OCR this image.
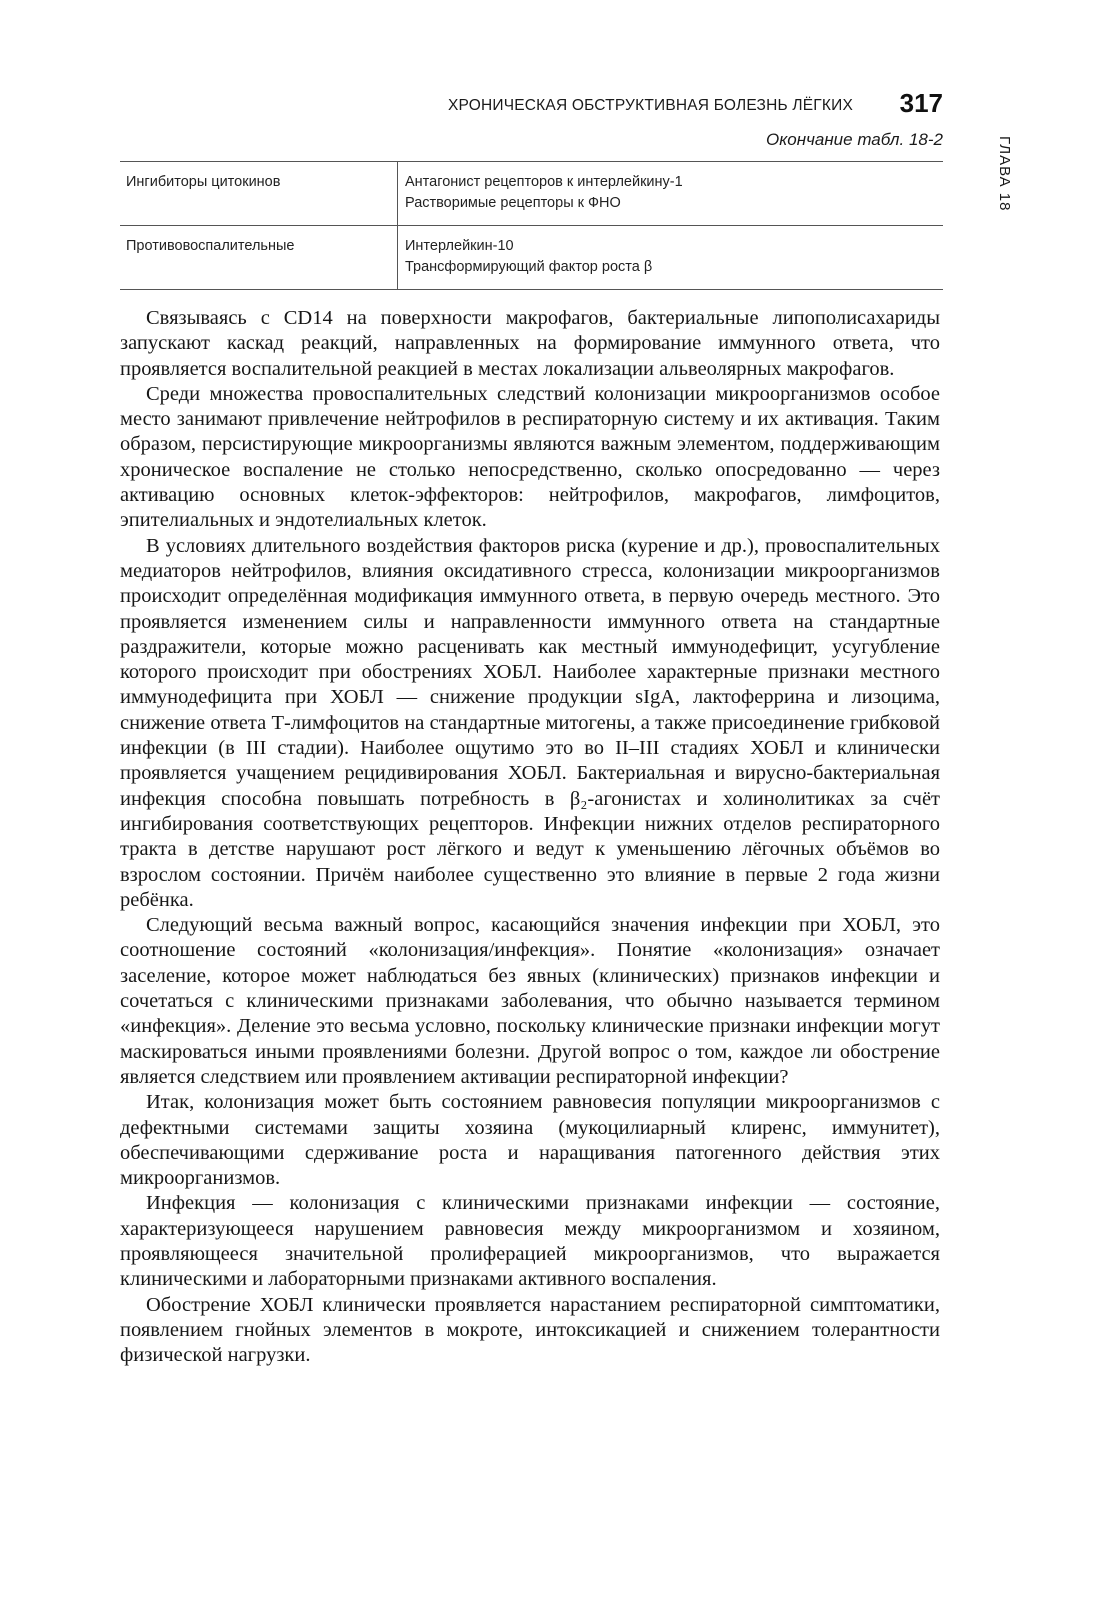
ХРОНИЧЕСКАЯ ОБСТРУКТИВНАЯ БОЛЕЗНЬ ЛЁГКИХ 317
ГЛАВА 18
Окончание табл. 18-2
Ингибиторы цитокинов	Антагонист рецепторов к интерлейкину-1
Растворимые рецепторы к ФНО

Противовоспалительные	Интерлейкин-10
Трансформирующий фактор роста β

Связываясь с CD14 на поверхности макрофагов, бактериальные липополисахариды запускают каскад реакций, направленных на формирование иммунного ответа, что проявляется воспалительной реакцией в местах локализации альвеолярных макрофагов.

Среди множества провоспалительных следствий колонизации микроорганизмов особое место занимают привлечение нейтрофилов в респираторную систему и их активация. Таким образом, персистирующие микроорганизмы являются важным элементом, поддерживающим хроническое воспаление не столько непосредственно, сколько опосредованно — через активацию основных клеток-эффекторов: нейтрофилов, макрофагов, лимфоцитов, эпителиальных и эндотелиальных клеток.

В условиях длительного воздействия факторов риска (курение и др.), провоспалительных медиаторов нейтрофилов, влияния оксидативного стресса, колонизации микроорганизмов происходит определённая модификация иммунного ответа, в первую очередь местного. Это проявляется изменением силы и направленности иммунного ответа на стандартные раздражители, которые можно расценивать как местный иммунодефицит, усугубление которого происходит при обострениях ХОБЛ. Наиболее характерные признаки местного иммунодефицита при ХОБЛ — снижение продукции sIgA, лактоферрина и лизоцима, снижение ответа Т-лимфоцитов на стандартные митогены, а также присоединение грибковой инфекции (в III стадии). Наиболее ощутимо это во II–III стадиях ХОБЛ и клинически проявляется учащением рецидивирования ХОБЛ. Бактериальная и вирусно-бактериальная инфекция способна повышать потребность в β₂-агонистах и холинолитиках за счёт ингибирования соответствующих рецепторов. Инфекции нижних отделов респираторного тракта в детстве нарушают рост лёгкого и ведут к уменьшению лёгочных объёмов во взрослом состоянии. Причём наиболее существенно это влияние в первые 2 года жизни ребёнка.

Следующий весьма важный вопрос, касающийся значения инфекции при ХОБЛ, это соотношение состояний «колонизация/инфекция». Понятие «колонизация» означает заселение, которое может наблюдаться без явных (клинических) признаков инфекции и сочетаться с клиническими признаками заболевания, что обычно называется термином «инфекция». Деление это весьма условно, поскольку клинические признаки инфекции могут маскироваться иными проявлениями болезни. Другой вопрос о том, каждое ли обострение является следствием или проявлением активации респираторной инфекции?

Итак, колонизация может быть состоянием равновесия популяции микроорганизмов с дефектными системами защиты хозяина (мукоцилиарный клиренс, иммунитет), обеспечивающими сдерживание роста и наращивания патогенного действия этих микроорганизмов.

Инфекция — колонизация с клиническими признаками инфекции — состояние, характеризующееся нарушением равновесия между микроорганизмом и хозяином, проявляющееся значительной пролиферацией микроорганизмов, что выражается клиническими и лабораторными признаками активного воспаления.

Обострение ХОБЛ клинически проявляется нарастанием респираторной симптоматики, появлением гнойных элементов в мокроте, интоксикацией и снижением толерантности физической нагрузки.
